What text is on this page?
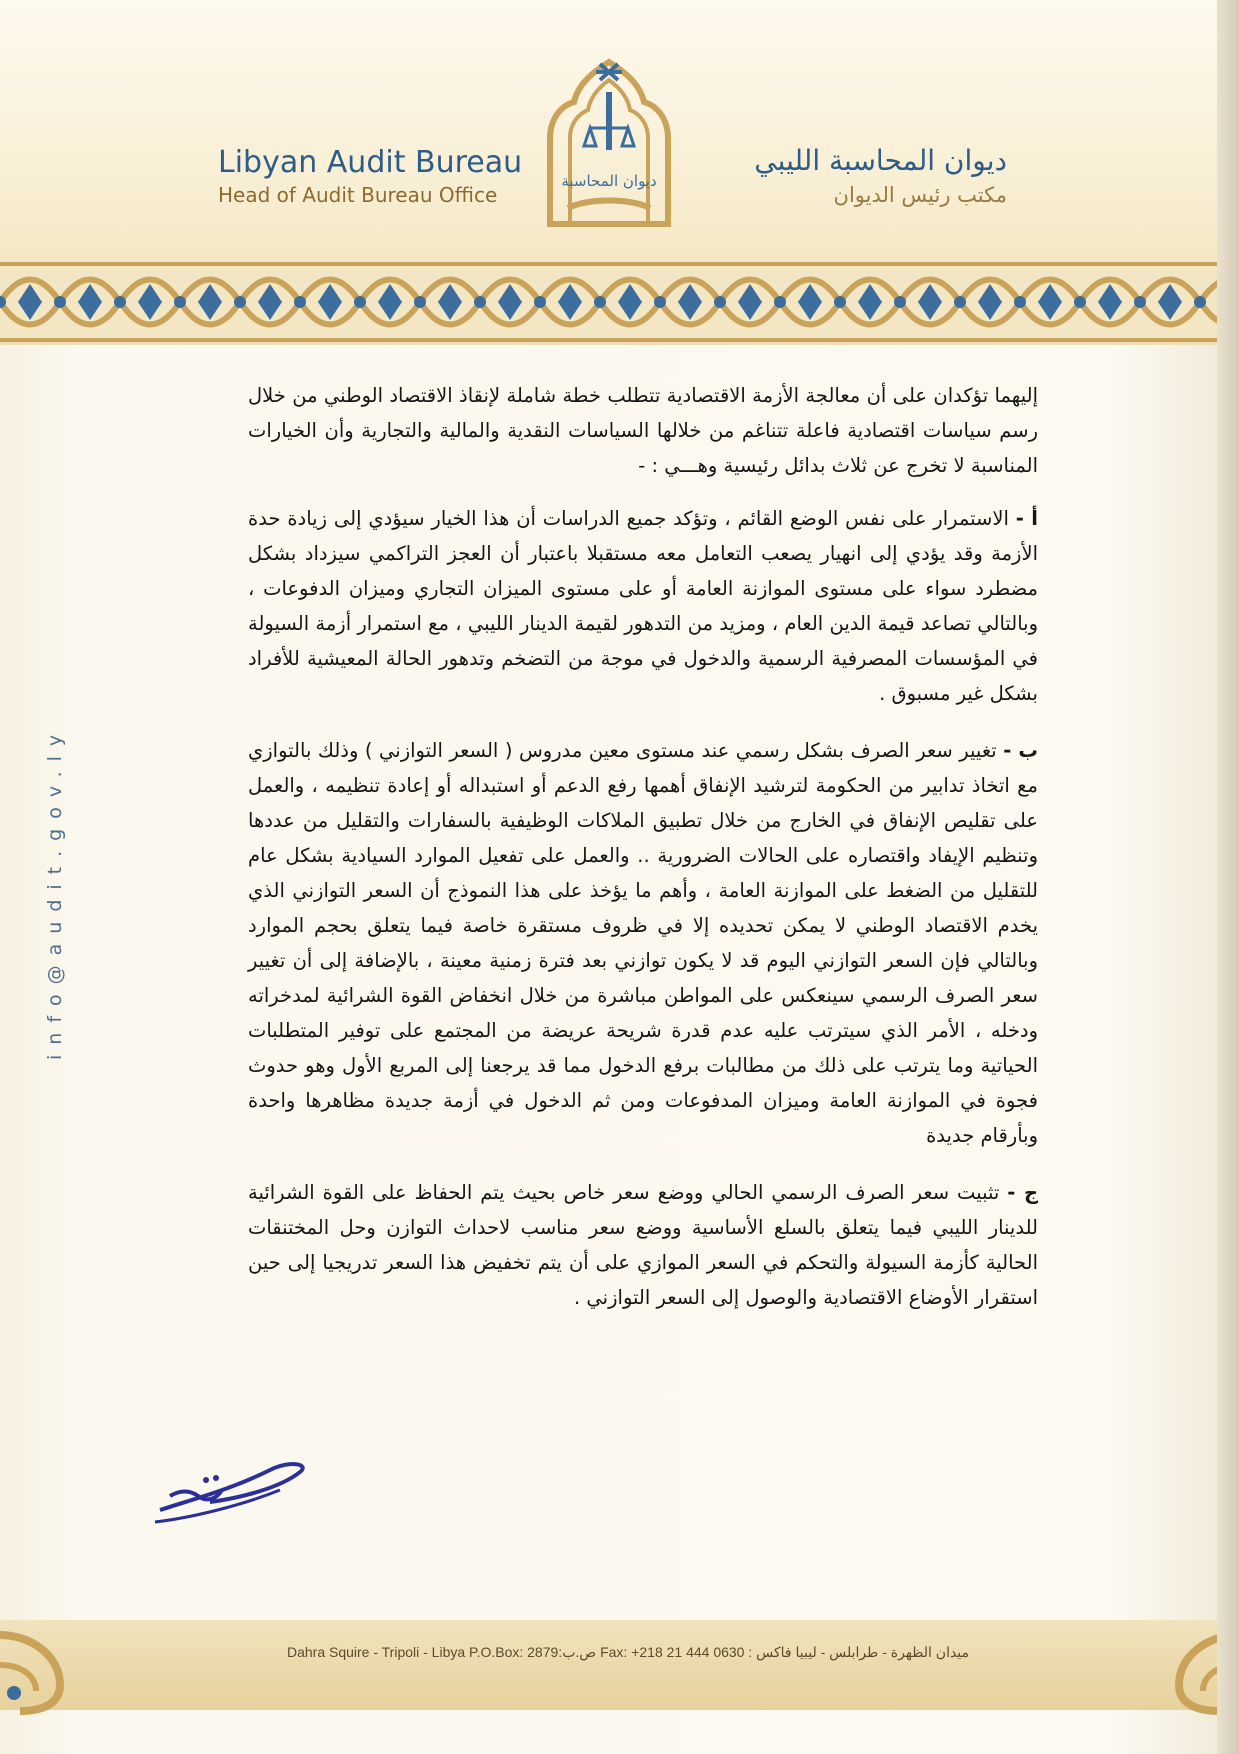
Libyan Audit Bureau
Head of Audit Bureau Office
ديوان المحاسبة
ديوان المحاسبة الليبي
مكتب رئيس الديوان
info@audit.gov.ly

إليهما تؤكدان على أن معالجة الأزمة الاقتصادية تتطلب خطة شاملة لإنقاذ الاقتصاد الوطني من خلال رسم سياسات اقتصادية فاعلة تتناغم من خلالها السياسات النقدية والمالية والتجارية وأن الخيارات المناسبة لا تخرج عن ثلاث بدائل رئيسية وهـــي : -

أ - الاستمرار على نفس الوضع القائم ، وتؤكد جميع الدراسات أن هذا الخيار سيؤدي إلى زيادة حدة الأزمة وقد يؤدي إلى انهيار يصعب التعامل معه مستقبلا باعتبار أن العجز التراكمي سيزداد بشكل مضطرد سواء على مستوى الموازنة العامة أو على مستوى الميزان التجاري وميزان الدفوعات ، وبالتالي تصاعد قيمة الدين العام ، ومزيد من التدهور لقيمة الدينار الليبي ، مع استمرار أزمة السيولة في المؤسسات المصرفية الرسمية والدخول في موجة من التضخم وتدهور الحالة المعيشية للأفراد بشكل غير مسبوق .

ب - تغيير سعر الصرف بشكل رسمي عند مستوى معين مدروس ( السعر التوازني ) وذلك بالتوازي مع اتخاذ تدابير من الحكومة لترشيد الإنفاق أهمها رفع الدعم أو استبداله أو إعادة تنظيمه ، والعمل على تقليص الإنفاق في الخارج من خلال تطبيق الملاكات الوظيفية بالسفارات والتقليل من عددها وتنظيم الإيفاد واقتصاره على الحالات الضرورية .. والعمل على تفعيل الموارد السيادية بشكل عام للتقليل من الضغط على الموازنة العامة ، وأهم ما يؤخذ على هذا النموذج أن السعر التوازني الذي يخدم الاقتصاد الوطني لا يمكن تحديده إلا في ظروف مستقرة خاصة فيما يتعلق بحجم الموارد وبالتالي فإن السعر التوازني اليوم قد لا يكون توازني بعد فترة زمنية معينة ، بالإضافة إلى أن تغيير سعر الصرف الرسمي سينعكس على المواطن مباشرة من خلال انخفاض القوة الشرائية لمدخراته ودخله ، الأمر الذي سيترتب عليه عدم قدرة شريحة عريضة من المجتمع على توفير المتطلبات الحياتية وما يترتب على ذلك من مطالبات برفع الدخول مما قد يرجعنا إلى المربع الأول وهو حدوث فجوة في الموازنة العامة وميزان المدفوعات ومن ثم الدخول في أزمة جديدة مظاهرها واحدة وبأرقام جديدة

ج - تثبيت سعر الصرف الرسمي الحالي ووضع سعر خاص بحيث يتم الحفاظ على القوة الشرائية للدينار الليبي فيما يتعلق بالسلع الأساسية ووضع سعر مناسب لاحداث التوازن وحل المختنقات الحالية كأزمة السيولة والتحكم في السعر الموازي على أن يتم تخفيض هذا السعر تدريجيا إلى حين استقرار الأوضاع الاقتصادية والوصول إلى السعر التوازني .

Dahra Squire - Tripoli - Libya P.O.Box: 2879:ص.ب Fax: +218 21 444 0630 : ميدان الظهرة - طرابلس - ليبيا فاكس
